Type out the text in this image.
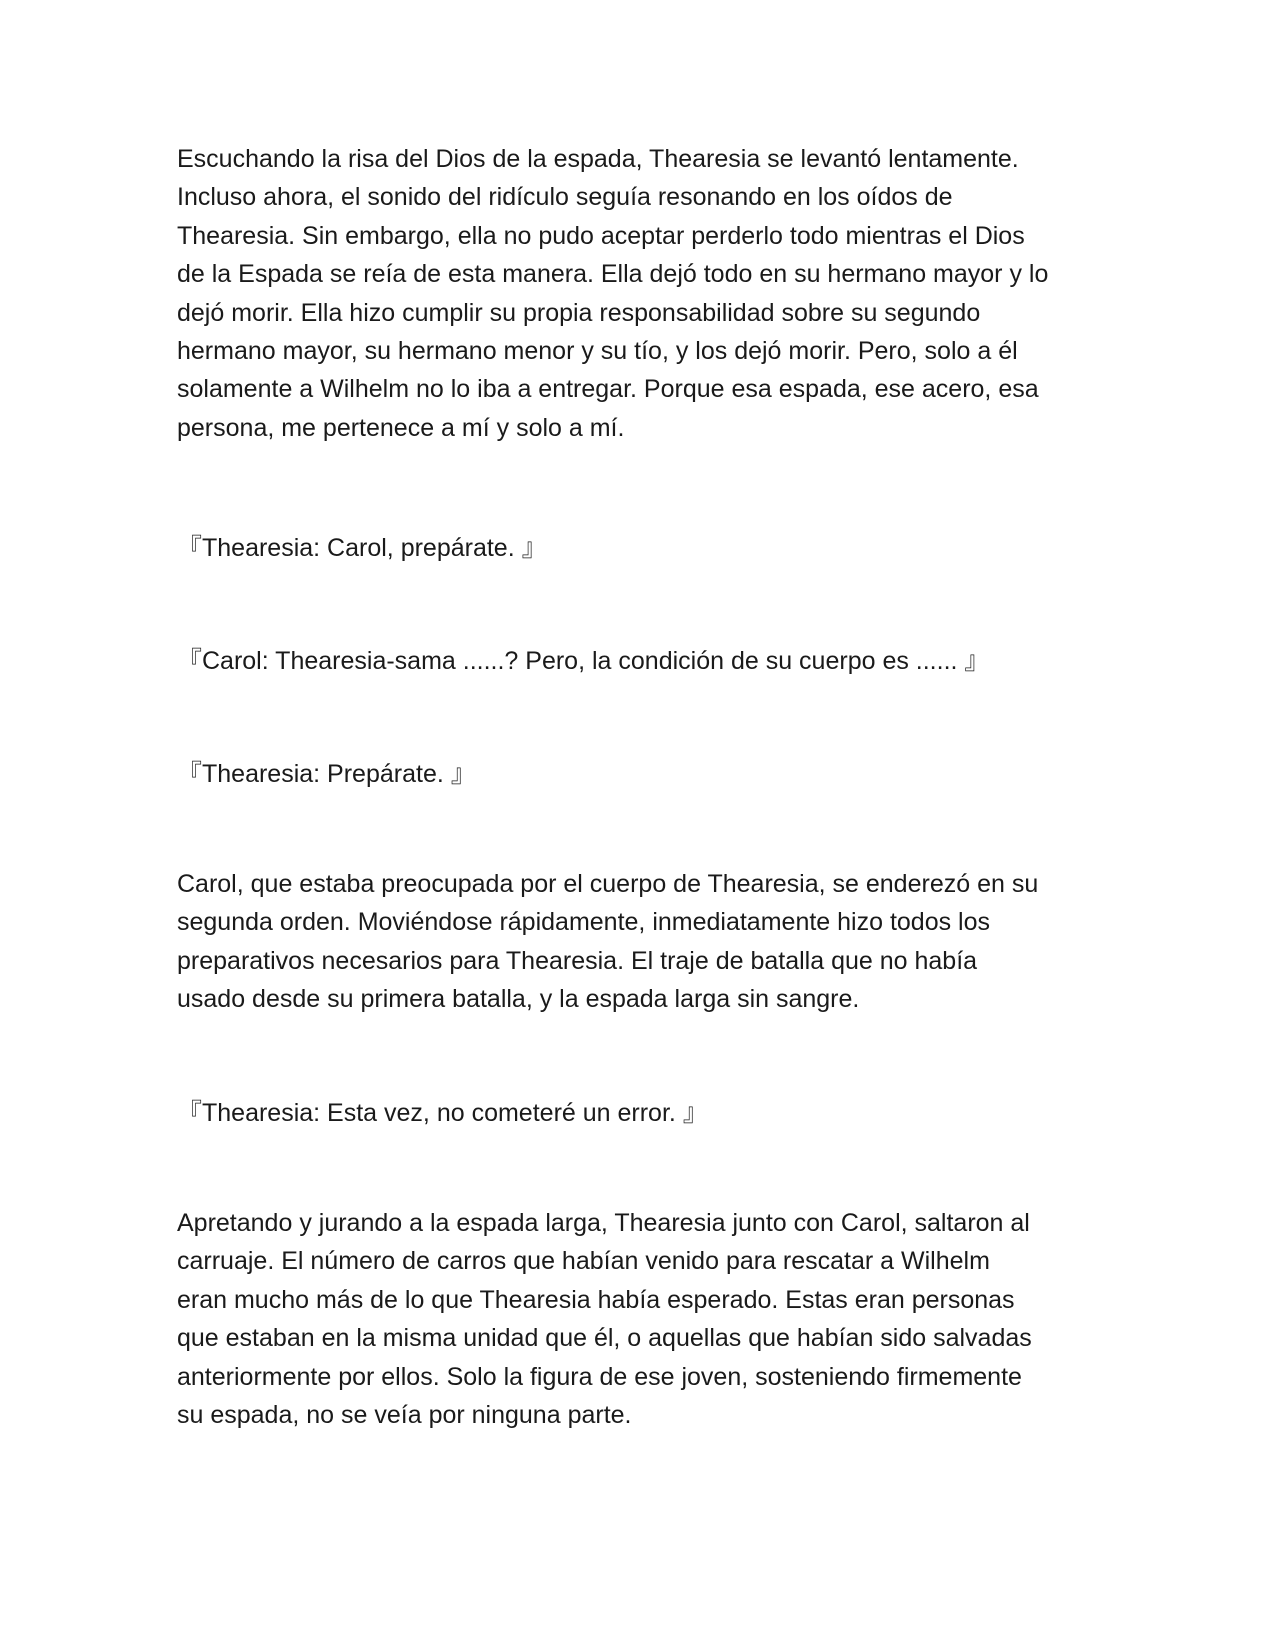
Escuchando la risa del Dios de la espada, Thearesia se levantó lentamente.
Incluso ahora, el sonido del ridículo seguía resonando en los oídos de
Thearesia. Sin embargo, ella no pudo aceptar perderlo todo mientras el Dios
de la Espada se reía de esta manera. Ella dejó todo en su hermano mayor y lo
dejó morir. Ella hizo cumplir su propia responsabilidad sobre su segundo
hermano mayor, su hermano menor y su tío, y los dejó morir. Pero, solo a él
solamente a Wilhelm no lo iba a entregar. Porque esa espada, ese acero, esa
persona, me pertenece a mí y solo a mí.

『Thearesia: Carol, prepárate. 』

『Carol: Thearesia-sama ......? Pero, la condición de su cuerpo es ...... 』

『Thearesia: Prepárate. 』

Carol, que estaba preocupada por el cuerpo de Thearesia, se enderezó en su
segunda orden. Moviéndose rápidamente, inmediatamente hizo todos los
preparativos necesarios para Thearesia. El traje de batalla que no había
usado desde su primera batalla, y la espada larga sin sangre.

『Thearesia: Esta vez, no cometeré un error. 』

Apretando y jurando a la espada larga, Thearesia junto con Carol, saltaron al
carruaje. El número de carros que habían venido para rescatar a Wilhelm
eran mucho más de lo que Thearesia había esperado. Estas eran personas
que estaban en la misma unidad que él, o aquellas que habían sido salvadas
anteriormente por ellos. Solo la figura de ese joven, sosteniendo firmemente
su espada, no se veía por ninguna parte.
